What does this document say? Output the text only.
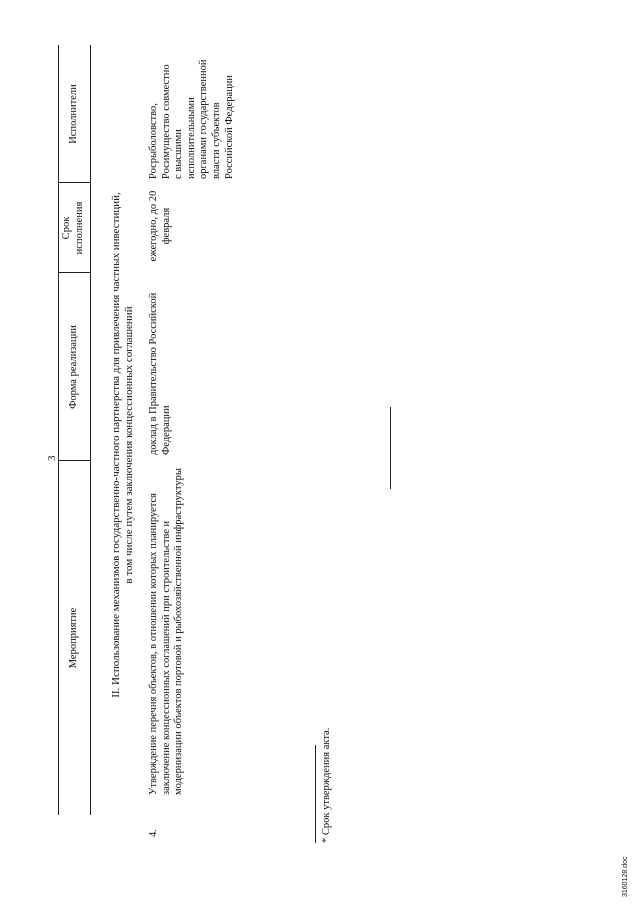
3
Мероприятие
Форма реализации
Срок исполнения
Исполнители
II. Использование механизмов государственно-частного партнерства для привлечения частных инвестиций, в том числе путем заключения концессионных соглашений
4.
Утверждение перечня объектов, в отношении которых планируется заключение концессионных соглашений при строительстве и модернизации объектов портовой и рыбохозяйственной инфраструктуры
доклад в Правительство Российской Федерации
ежегодно, до 20 февраля
Росрыболовство, Росимущество совместно с высшими исполнительными органами государственной власти субъектов Российской Федерации
* Срок утверждения акта.
3160128.doc
